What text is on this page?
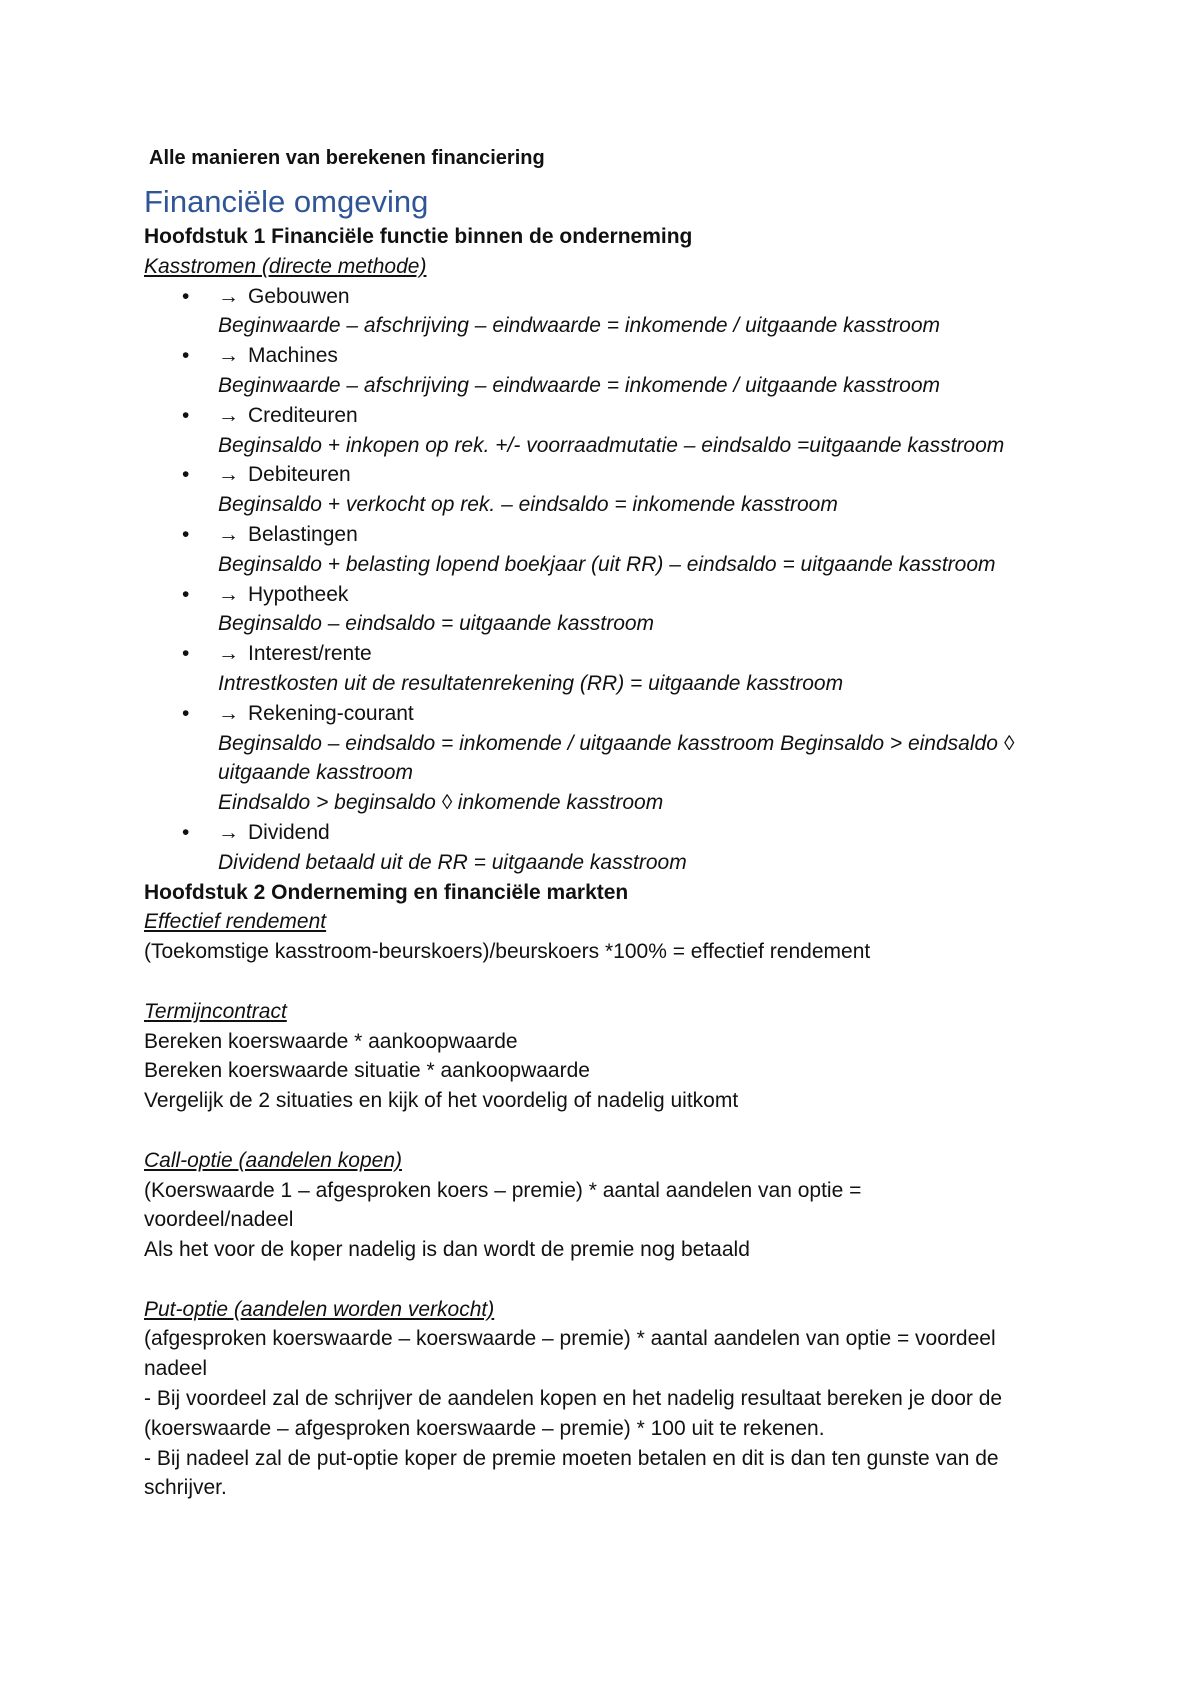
Alle manieren van berekenen financiering
Financiële omgeving
Hoofdstuk 1 Financiële functie binnen de onderneming
Kasstromen (directe methode)
• → Gebouwen
Beginwaarde – afschrijving – eindwaarde = inkomende / uitgaande kasstroom
• → Machines
Beginwaarde – afschrijving – eindwaarde = inkomende / uitgaande kasstroom
• → Crediteuren
Beginsaldo + inkopen op rek. +/- voorraadmutatie – eindsaldo =uitgaande kasstroom
• → Debiteuren
Beginsaldo + verkocht op rek. – eindsaldo = inkomende kasstroom
• → Belastingen
Beginsaldo + belasting lopend boekjaar (uit RR) – eindsaldo = uitgaande kasstroom
• → Hypotheek
Beginsaldo – eindsaldo = uitgaande kasstroom
• → Interest/rente
Intrestkosten uit de resultatenrekening (RR) = uitgaande kasstroom
• → Rekening-courant
Beginsaldo – eindsaldo = inkomende / uitgaande kasstroom Beginsaldo > eindsaldo ◊
uitgaande kasstroom
Eindsaldo > beginsaldo ◊ inkomende kasstroom
• → Dividend
Dividend betaald uit de RR = uitgaande kasstroom
Hoofdstuk 2 Onderneming en financiële markten
Effectief rendement
(Toekomstige kasstroom-beurskoers)/beurskoers *100% = effectief rendement
Termijncontract
Bereken koerswaarde * aankoopwaarde
Bereken koerswaarde situatie * aankoopwaarde
Vergelijk de 2 situaties en kijk of het voordelig of nadelig uitkomt
Call-optie (aandelen kopen)
(Koerswaarde 1 – afgesproken koers – premie) * aantal aandelen van optie =
voordeel/nadeel
Als het voor de koper nadelig is dan wordt de premie nog betaald
Put-optie (aandelen worden verkocht)
(afgesproken koerswaarde – koerswaarde – premie) * aantal aandelen van optie = voordeel
nadeel
- Bij voordeel zal de schrijver de aandelen kopen en het nadelig resultaat bereken je door de
(koerswaarde – afgesproken koerswaarde – premie) * 100 uit te rekenen.
- Bij nadeel zal de put-optie koper de premie moeten betalen en dit is dan ten gunste van de
schrijver.
